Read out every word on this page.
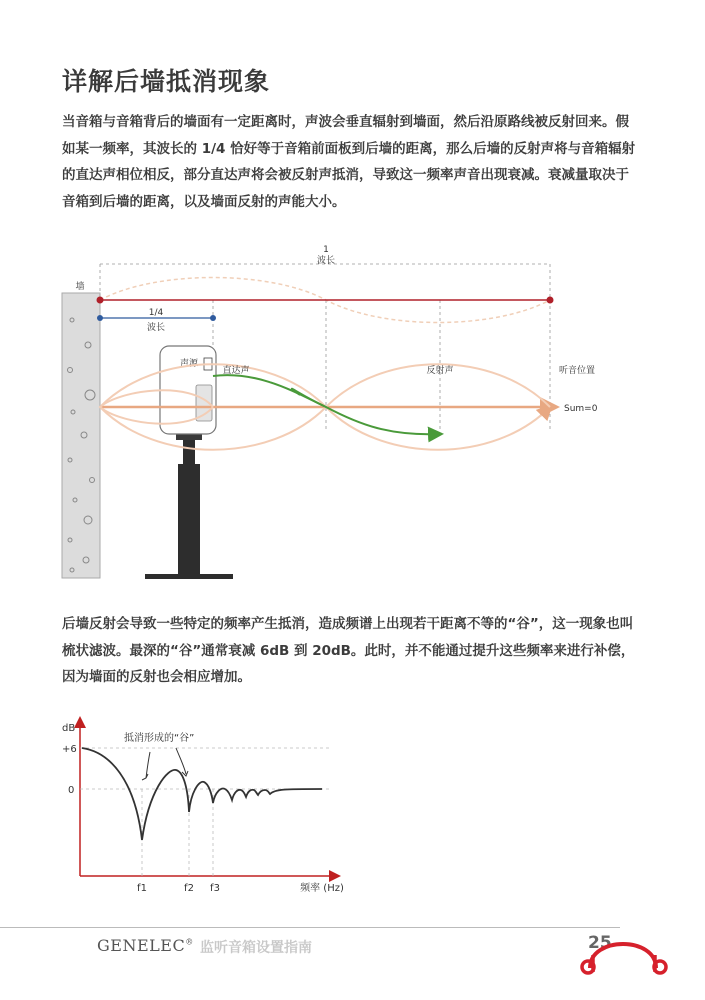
详解后墙抵消现象
当音箱与音箱背后的墙面有一定距离时，声波会垂直辐射到墙面，然后沿原路线被反射回来。假如某一频率，其波长的 1/4 恰好等于音箱前面板到后墙的距离，那么后墙的反射声将与音箱辐射的直达声相位相反，部分直达声将会被反射声抵消，导致这一频率声音出现衰减。衰减量取决于音箱到后墙的距离，以及墙面反射的声能大小。
墙
1
波长
1/4
波长
声源
直达声	反射声	听音位置
Sum=0
后墙反射会导致一些特定的频率产生抵消，造成频谱上出现若干距离不等的“谷”，这一现象也叫梳状滤波。最深的“谷”通常衰减 6dB 到 20dB。此时，并不能通过提升这些频率来进行补偿，因为墙面的反射也会相应增加。
dB
+6
0
抵消形成的“谷”
f1	f2 f3	频率 (Hz)
GENELEC® 监听音箱设置指南	25
